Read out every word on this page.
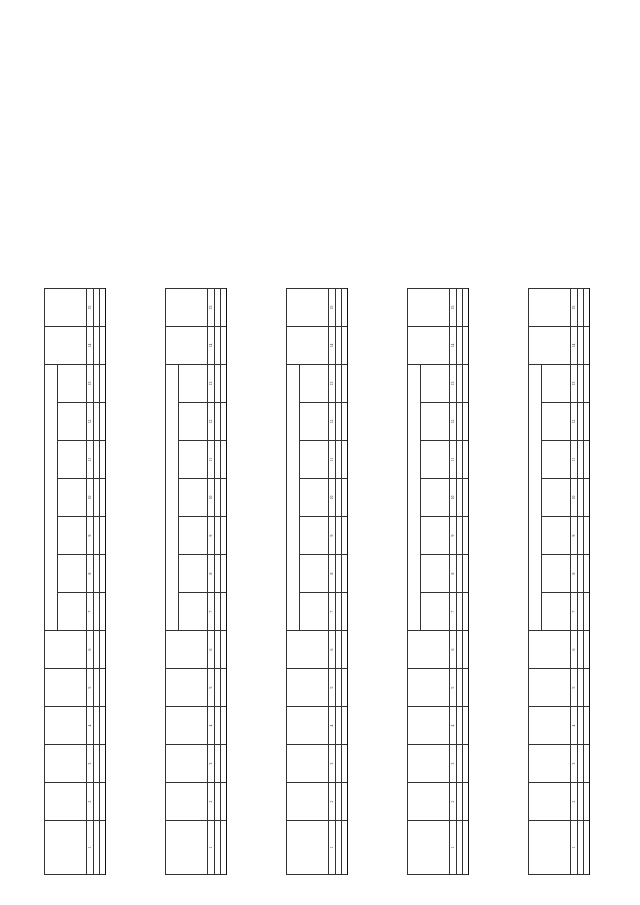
1	2	3	4	5	6	7	8	9	10	11	12	13	14	15

1	2	3	4	5	6	7	8	9	10	11	12	13	14	15

1	2	3	4	5	6	7	8	9	10	11	12	13	14	15

1	2	3	4	5	6	7	8	9	10	11	12	13	14	15

1	2	3	4	5	6	7	8	9	10	11	12	13	14	15
